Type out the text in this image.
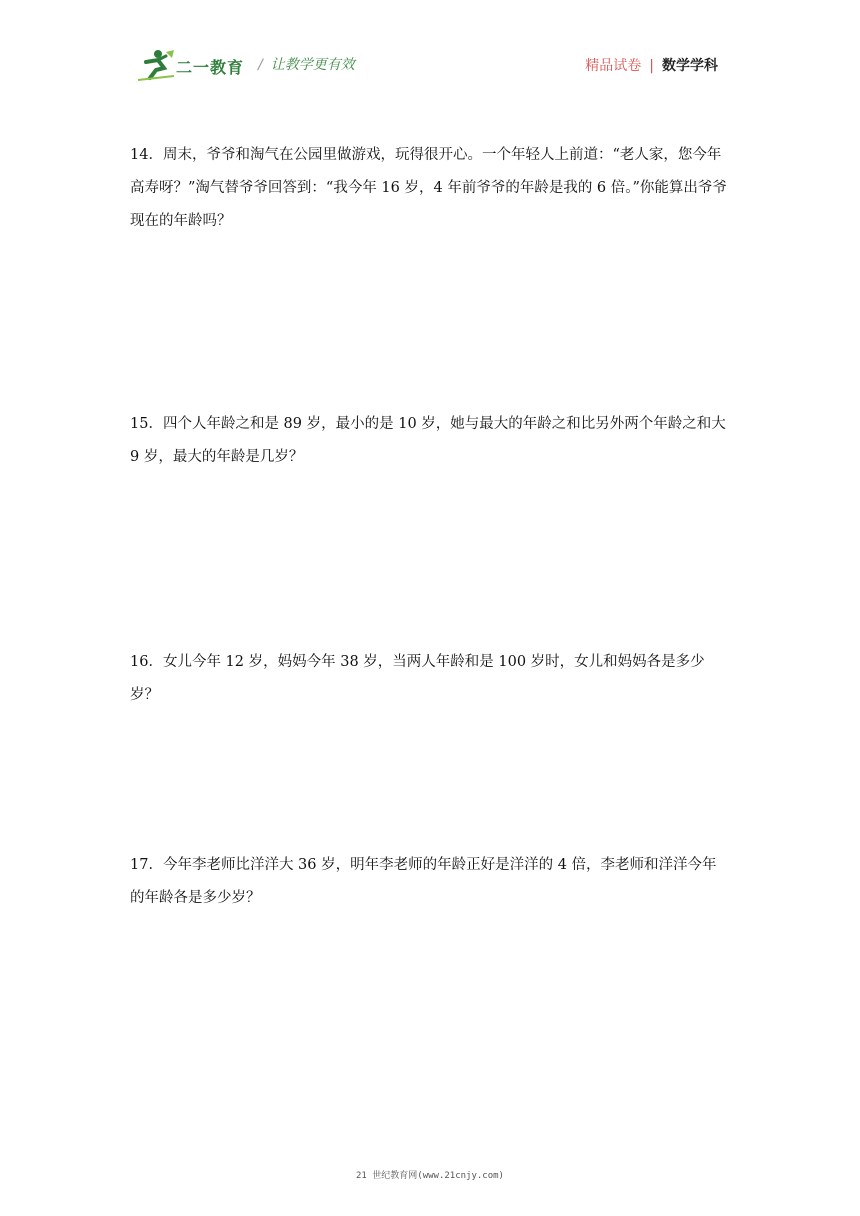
二一教育 / 让教学更有效	精品试卷 | 数学学科
14．周末，爷爷和淘气在公园里做游戏，玩得很开心。一个年轻人上前道：“老人家，您今年高寿呀？”淘气替爷爷回答到：“我今年 16 岁，4 年前爷爷的年龄是我的 6 倍。”你能算出爷爷现在的年龄吗？
15．四个人年龄之和是 89 岁，最小的是 10 岁，她与最大的年龄之和比另外两个年龄之和大 9 岁，最大的年龄是几岁？
16．女儿今年 12 岁，妈妈今年 38 岁，当两人年龄和是 100 岁时，女儿和妈妈各是多少岁？
17．今年李老师比洋洋大 36 岁，明年李老师的年龄正好是洋洋的 4 倍，李老师和洋洋今年的年龄各是多少岁？
21 世纪教育网(www.21cnjy.com)
